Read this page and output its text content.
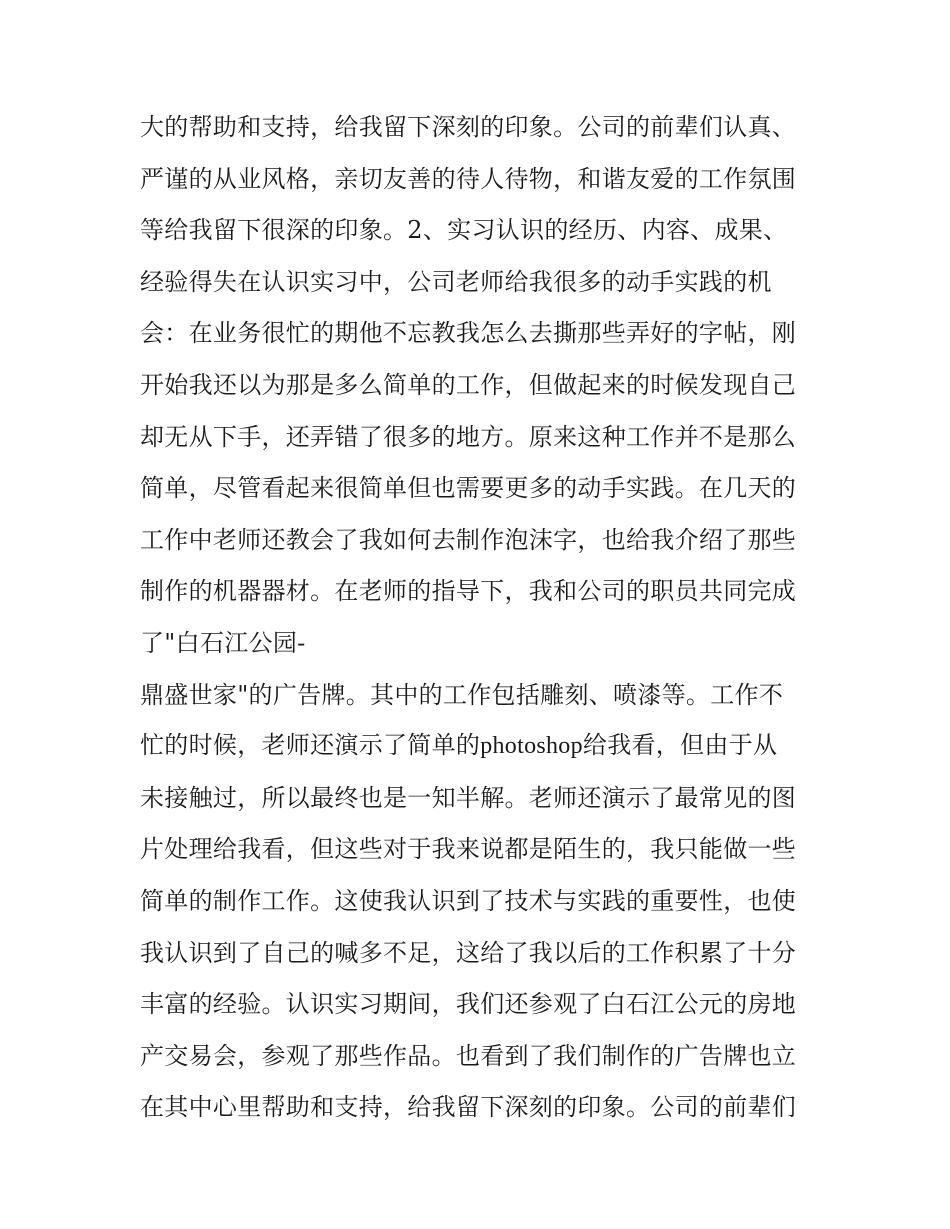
大的帮助和支持，给我留下深刻的印象。公司的前辈们认真、
严谨的从业风格，亲切友善的待人待物，和谐友爱的工作氛围
等给我留下很深的印象。2、实习认识的经历、内容、成果、
经验得失在认识实习中，公司老师给我很多的动手实践的机
会：在业务很忙的期他不忘教我怎么去撕那些弄好的字帖，刚
开始我还以为那是多么简单的工作，但做起来的时候发现自己
却无从下手，还弄错了很多的地方。原来这种工作并不是那么
简单，尽管看起来很简单但也需要更多的动手实践。在几天的
工作中老师还教会了我如何去制作泡沫字，也给我介绍了那些
制作的机器器材。在老师的指导下，我和公司的职员共同完成
了"白石江公园-
鼎盛世家"的广告牌。其中的工作包括雕刻、喷漆等。工作不
忙的时候，老师还演示了简单的photoshop给我看，但由于从
未接触过，所以最终也是一知半解。老师还演示了最常见的图
片处理给我看，但这些对于我来说都是陌生的，我只能做一些
简单的制作工作。这使我认识到了技术与实践的重要性，也使
我认识到了自己的喊多不足，这给了我以后的工作积累了十分
丰富的经验。认识实习期间，我们还参观了白石江公元的房地
产交易会，参观了那些作品。也看到了我们制作的广告牌也立
在其中心里帮助和支持，给我留下深刻的印象。公司的前辈们
